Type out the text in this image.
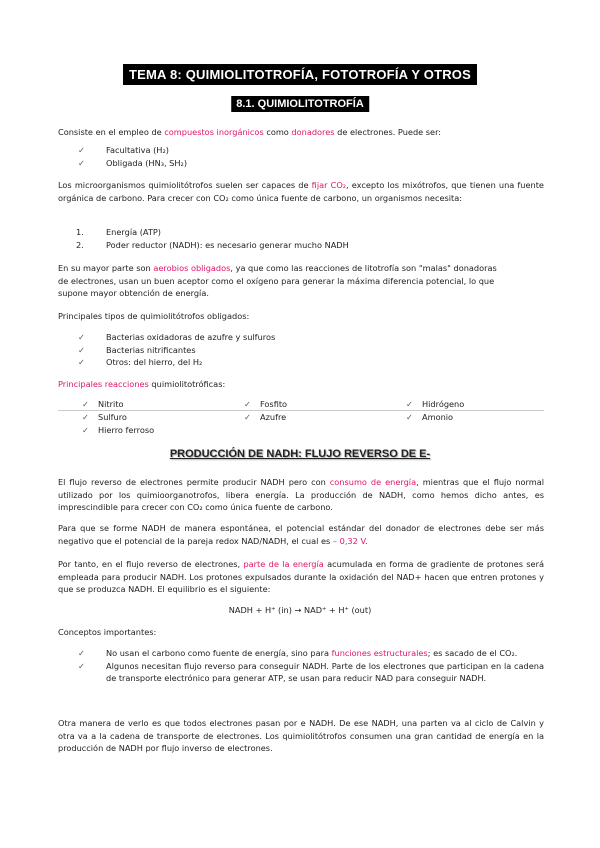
TEMA 8: QUIMIOLITOTROFÍA, FOTOTROFÍA Y OTROS
8.1. QUIMIOLITOTROFÍA

Consiste en el empleo de compuestos inorgánicos como donadores de electrones. Puede ser:

✓	Facultativa (H₂)
✓	Obligada (HN₃, SH₂)

Los microorganismos quimiolitótrofos suelen ser capaces de fijar CO₂, excepto los mixótrofos, que tienen una fuente orgánica de carbono. Para crecer con CO₂ como única fuente de carbono, un organismos necesita:

1.	Energía (ATP)
2.	Poder reductor (NADH): es necesario generar mucho NADH

En su mayor parte son aerobios obligados, ya que como las reacciones de litotrofía son "malas" donadoras de electrones, usan un buen aceptor como el oxígeno para generar la máxima diferencia potencial, lo que supone mayor obtención de energía.

Principales tipos de quimiolitótrofos obligados:

✓	Bacterias oxidadoras de azufre y sulfuros
✓	Bacterias nitrificantes
✓	Otros: del hierro, del H₂

Principales reacciones quimiolitotróficas:

✓ Nitrito	✓ Fosfito	✓ Hidrógeno
✓ Sulfuro	✓ Azufre	✓ Amonio
✓ Hierro ferroso
PRODUCCIÓN DE NADH: FLUJO REVERSO DE E-

El flujo reverso de electrones permite producir NADH pero con consumo de energía, mientras que el flujo normal utilizado por los quimioorganotrofos, libera energía. La producción de NADH, como hemos dicho antes, es imprescindible para crecer con CO₂ como única fuente de carbono.

Para que se forme NADH de manera espontánea, el potencial estándar del donador de electrones debe ser más negativo que el potencial de la pareja redox NAD/NADH, el cual es – 0,32 V.

Por tanto, en el flujo reverso de electrones, parte de la energía acumulada en forma de gradiente de protones será empleada para producir NADH. Los protones expulsados durante la oxidación del NAD+ hacen que entren protones y que se produzca NADH. El equilibrio es el siguiente:

NADH + H⁺ (in) → NAD⁺ + H⁺ (out)

Conceptos importantes:

✓	No usan el carbono como fuente de energía, sino para funciones estructurales; es sacado de el CO₂.
✓	Algunos necesitan flujo reverso para conseguir NADH. Parte de los electrones que participan en la cadena de transporte electrónico para generar ATP, se usan para reducir NAD para conseguir NADH.

Otra manera de verlo es que todos electrones pasan por e NADH. De ese NADH, una parten va al ciclo de Calvin y otra va a la cadena de transporte de electrones. Los quimiolitótrofos consumen una gran cantidad de energía en la producción de NADH por flujo inverso de electrones.
